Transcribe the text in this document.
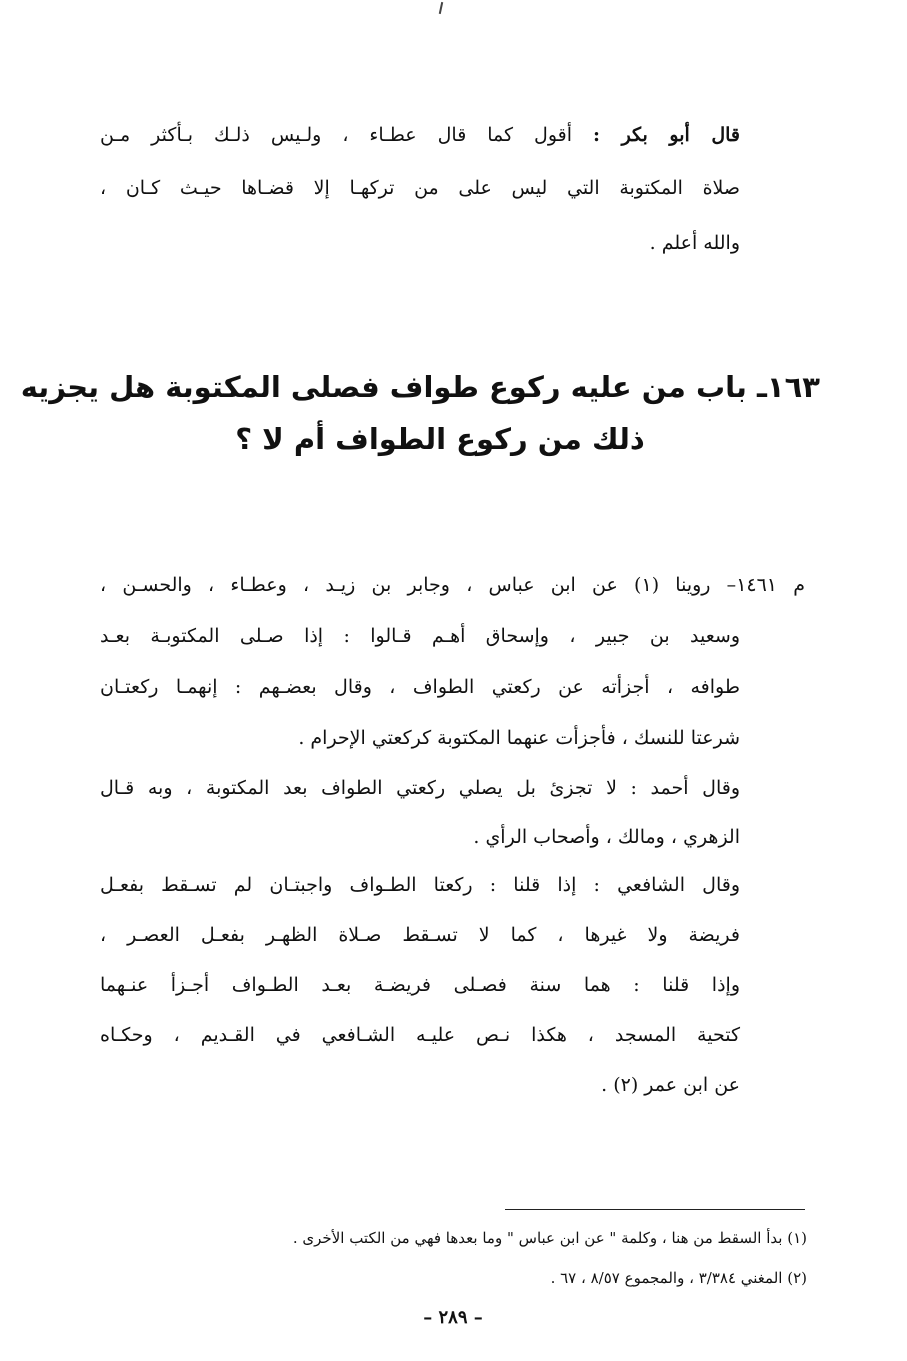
قال أبو بكر : أقول كما قال عطـاء ، ولـيس ذلـك بـأكثر مـن
صلاة المكتوبة التي ليس على من تركهـا إلا قضـاها حيـث كـان ،
والله أعلم .
١٦٣ـ باب من عليه ركوع طواف فصلى المكتوبة هل يجزيه
ذلك من ركوع الطواف أم لا ؟
م ١٤٦١– روينا (١) عن ابن عباس ، وجابر بن زيـد ، وعطـاء ، والحسـن ،
وسعيد بن جبير ، وإسحاق أهـم قـالوا : إذا صـلى المكتوبـة بعـد
طوافه ، أجزأته عن ركعتي الطواف ، وقال بعضـهم : إنهمـا ركعتـان
شرعتا للنسك ، فأجزأت عنهما المكتوبة كركعتي الإحرام .
وقال أحمد : لا تجزئ بل يصلي ركعتي الطواف بعد المكتوبة ، وبه قـال
الزهري ، ومالك ، وأصحاب الرأي .
وقال الشافعي : إذا قلنا : ركعتا الطـواف واجبتـان لم تسـقط بفعـل
فريضة ولا غيرها ، كما لا تسـقط صـلاة الظهـر بفعـل العصـر ،
وإذا قلنا : هما سنة فصـلى فريضـة بعـد الطـواف أجـزأ عنـهما
كتحية المسجد ، هكذا نـص عليـه الشـافعي في القـديم ، وحكـاه
عن ابن عمر (٢) .
(١) بدأ السقط من هنا ، وكلمة " عن ابن عباس " وما بعدها فهي من الكتب الأخرى .
(٢) المغني ٣/٣٨٤ ، والمجموع ٨/٥٧ ، ٦٧ .
– ٢٨٩ –
